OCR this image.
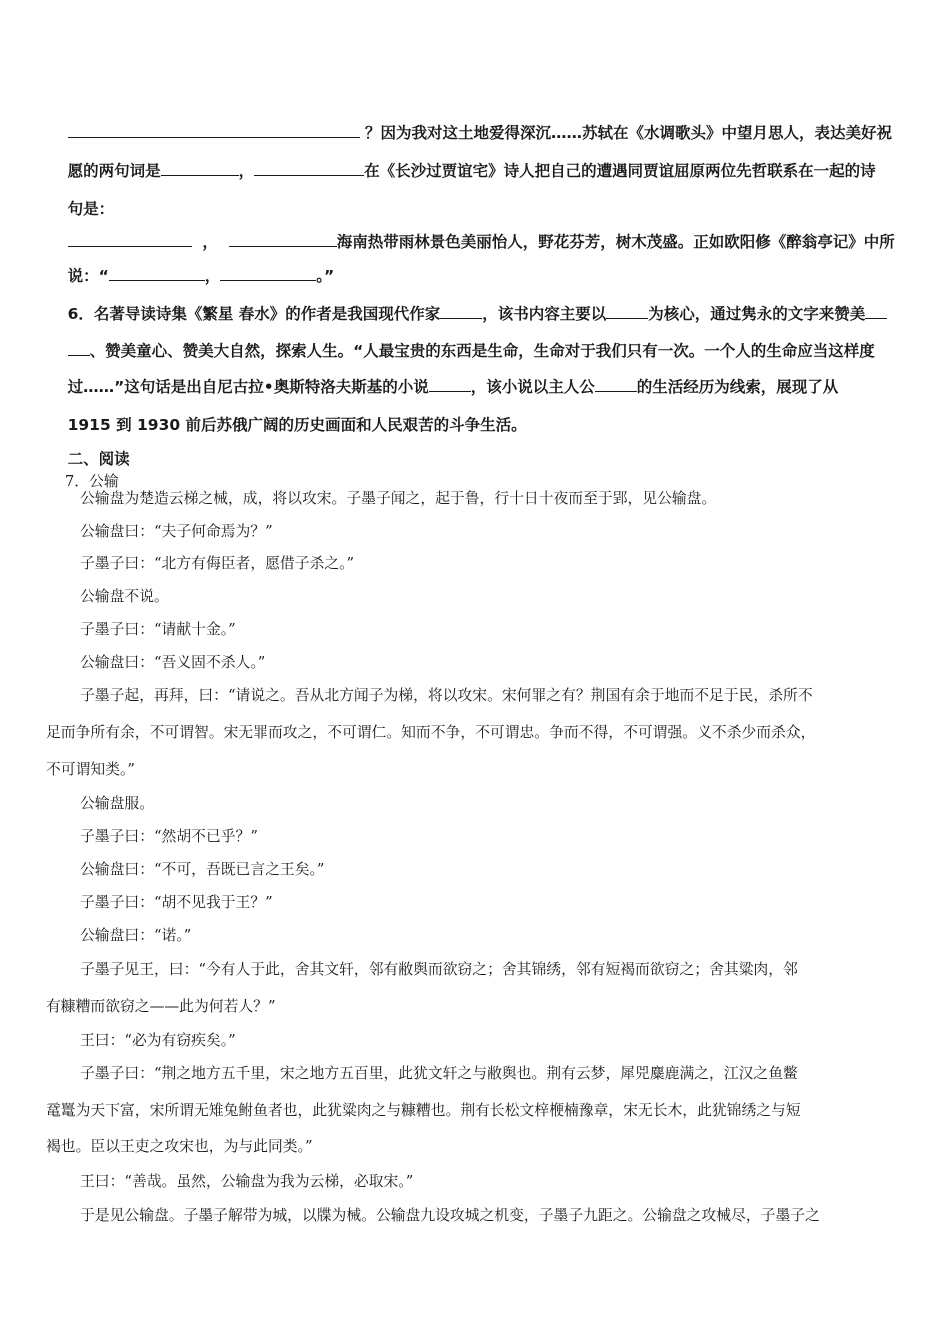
？因为我对这土地爱得深沉……苏轼在《水调歌头》中望月思人，表达美好祝

愿的两句词是	，	在《长沙过贾谊宅》诗人把自己的遭遇同贾谊屈原两位先哲联系在一起的诗

句是：

，	海南热带雨林景色美丽怡人，野花芬芳，树木茂盛。正如欧阳修《醉翁亭记》中所

说：“	，	。”

6．名著导读诗集《繁星 春水》的作者是我国现代作家	，该书内容主要以	为核心，通过隽永的文字来赞美

、赞美童心、赞美大自然，探索人生。“人最宝贵的东西是生命，生命对于我们只有一次。一个人的生命应当这样度

过……”这句话是出自尼古拉•奥斯特洛夫斯基的小说	，该小说以主人公	的生活经历为线索，展现了从

1915 到 1930 前后苏俄广阔的历史画面和人民艰苦的斗争生活。

二、阅读

7．公输

公输盘为楚造云梯之械，成，将以攻宋。子墨子闻之，起于鲁，行十日十夜而至于郢，见公输盘。
公输盘曰：“夫子何命焉为？”
子墨子曰：“北方有侮臣者，愿借子杀之。”
公输盘不说。
子墨子曰：“请献十金。”
公输盘曰：“吾义固不杀人。”
子墨子起，再拜，曰：“请说之。吾从北方闻子为梯，将以攻宋。宋何罪之有？荆国有余于地而不足于民，杀所不
足而争所有余，不可谓智。宋无罪而攻之，不可谓仁。知而不争，不可谓忠。争而不得，不可谓强。义不杀少而杀众，
不可谓知类。”
公输盘服。
子墨子曰：“然胡不已乎？”
公输盘曰：“不可，吾既已言之王矣。”
子墨子曰：“胡不见我于王？”
公输盘曰：“诺。”
子墨子见王，曰：“今有人于此，舍其文轩，邻有敝舆而欲窃之；舍其锦绣，邻有短褐而欲窃之；舍其粱肉，邻
有糠糟而欲窃之——此为何若人？”
王曰：“必为有窃疾矣。”
子墨子曰：“荆之地方五千里，宋之地方五百里，此犹文轩之与敝舆也。荆有云梦，犀兕麋鹿满之，江汉之鱼鳖
鼋鼍为天下富，宋所谓无雉兔鲋鱼者也，此犹粱肉之与糠糟也。荆有长松文梓楩楠豫章，宋无长木，此犹锦绣之与短
褐也。臣以王吏之攻宋也，为与此同类。”
王曰：“善哉。虽然，公输盘为我为云梯，必取宋。”
于是见公输盘。子墨子解带为城，以牒为械。公输盘九设攻城之机变，子墨子九距之。公输盘之攻械尽，子墨子之
